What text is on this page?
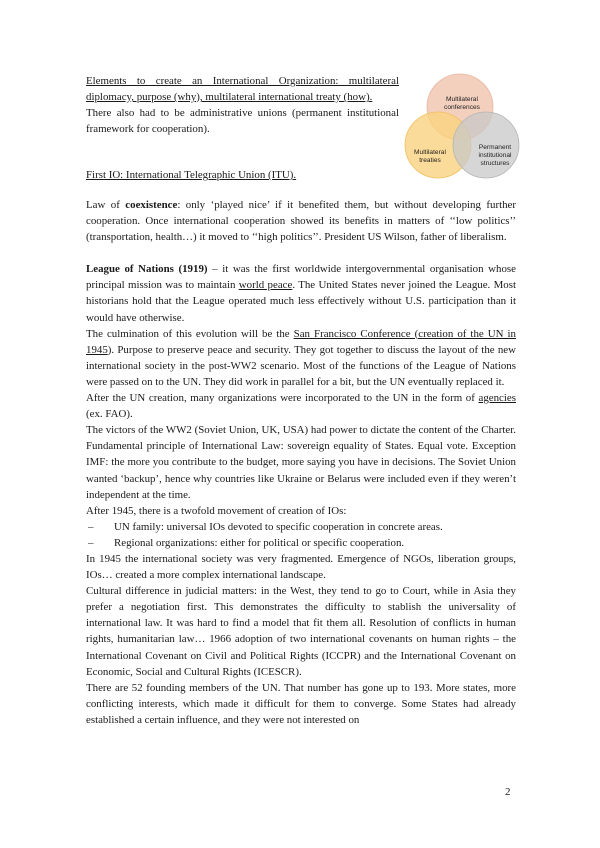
Multilateral
conferences
Multilateral
treaties
Permanent
institutional
structures

Elements to create an International Organization: multilateral diplomacy, purpose (why), multilateral international treaty (how).

There also had to be administrative unions (permanent institutional framework for cooperation).

First IO: International Telegraphic Union (ITU).

Law of coexistence: only ‘played nice’ if it benefited them, but without developing further cooperation. Once international cooperation showed its benefits in matters of ‘‘low politics’’ (transportation, health…) it moved to ‘‘high politics’’. President US Wilson, father of liberalism.

League of Nations (1919) – it was the first worldwide intergovernmental organisation whose principal mission was to maintain world peace. The United States never joined the League. Most historians hold that the League operated much less effectively without U.S. participation than it would have otherwise.

The culmination of this evolution will be the San Francisco Conference (creation of the UN in 1945). Purpose to preserve peace and security. They got together to discuss the layout of the new international society in the post-WW2 scenario. Most of the functions of the League of Nations were passed on to the UN. They did work in parallel for a bit, but the UN eventually replaced it.

After the UN creation, many organizations were incorporated to the UN in the form of agencies (ex. FAO).

The victors of the WW2 (Soviet Union, UK, USA) had power to dictate the content of the Charter. Fundamental principle of International Law: sovereign equality of States. Equal vote. Exception IMF: the more you contribute to the budget, more saying you have in decisions. The Soviet Union wanted ‘backup’, hence why countries like Ukraine or Belarus were included even if they weren’t independent at the time.

After 1945, there is a twofold movement of creation of IOs:

–	UN family: universal IOs devoted to specific cooperation in concrete areas.
–	Regional organizations: either for political or specific cooperation.

In 1945 the international society was very fragmented. Emergence of NGOs, liberation groups, IOs… created a more complex international landscape.

Cultural difference in judicial matters: in the West, they tend to go to Court, while in Asia they prefer a negotiation first. This demonstrates the difficulty to stablish the universality of international law. It was hard to find a model that fit them all. Resolution of conflicts in human rights, humanitarian law… 1966 adoption of two international covenants on human rights – the International Covenant on Civil and Political Rights (ICCPR) and the International Covenant on Economic, Social and Cultural Rights (ICESCR).

There are 52 founding members of the UN. That number has gone up to 193. More states, more conflicting interests, which made it difficult for them to converge. Some States had already established a certain influence, and they were not interested on

2
